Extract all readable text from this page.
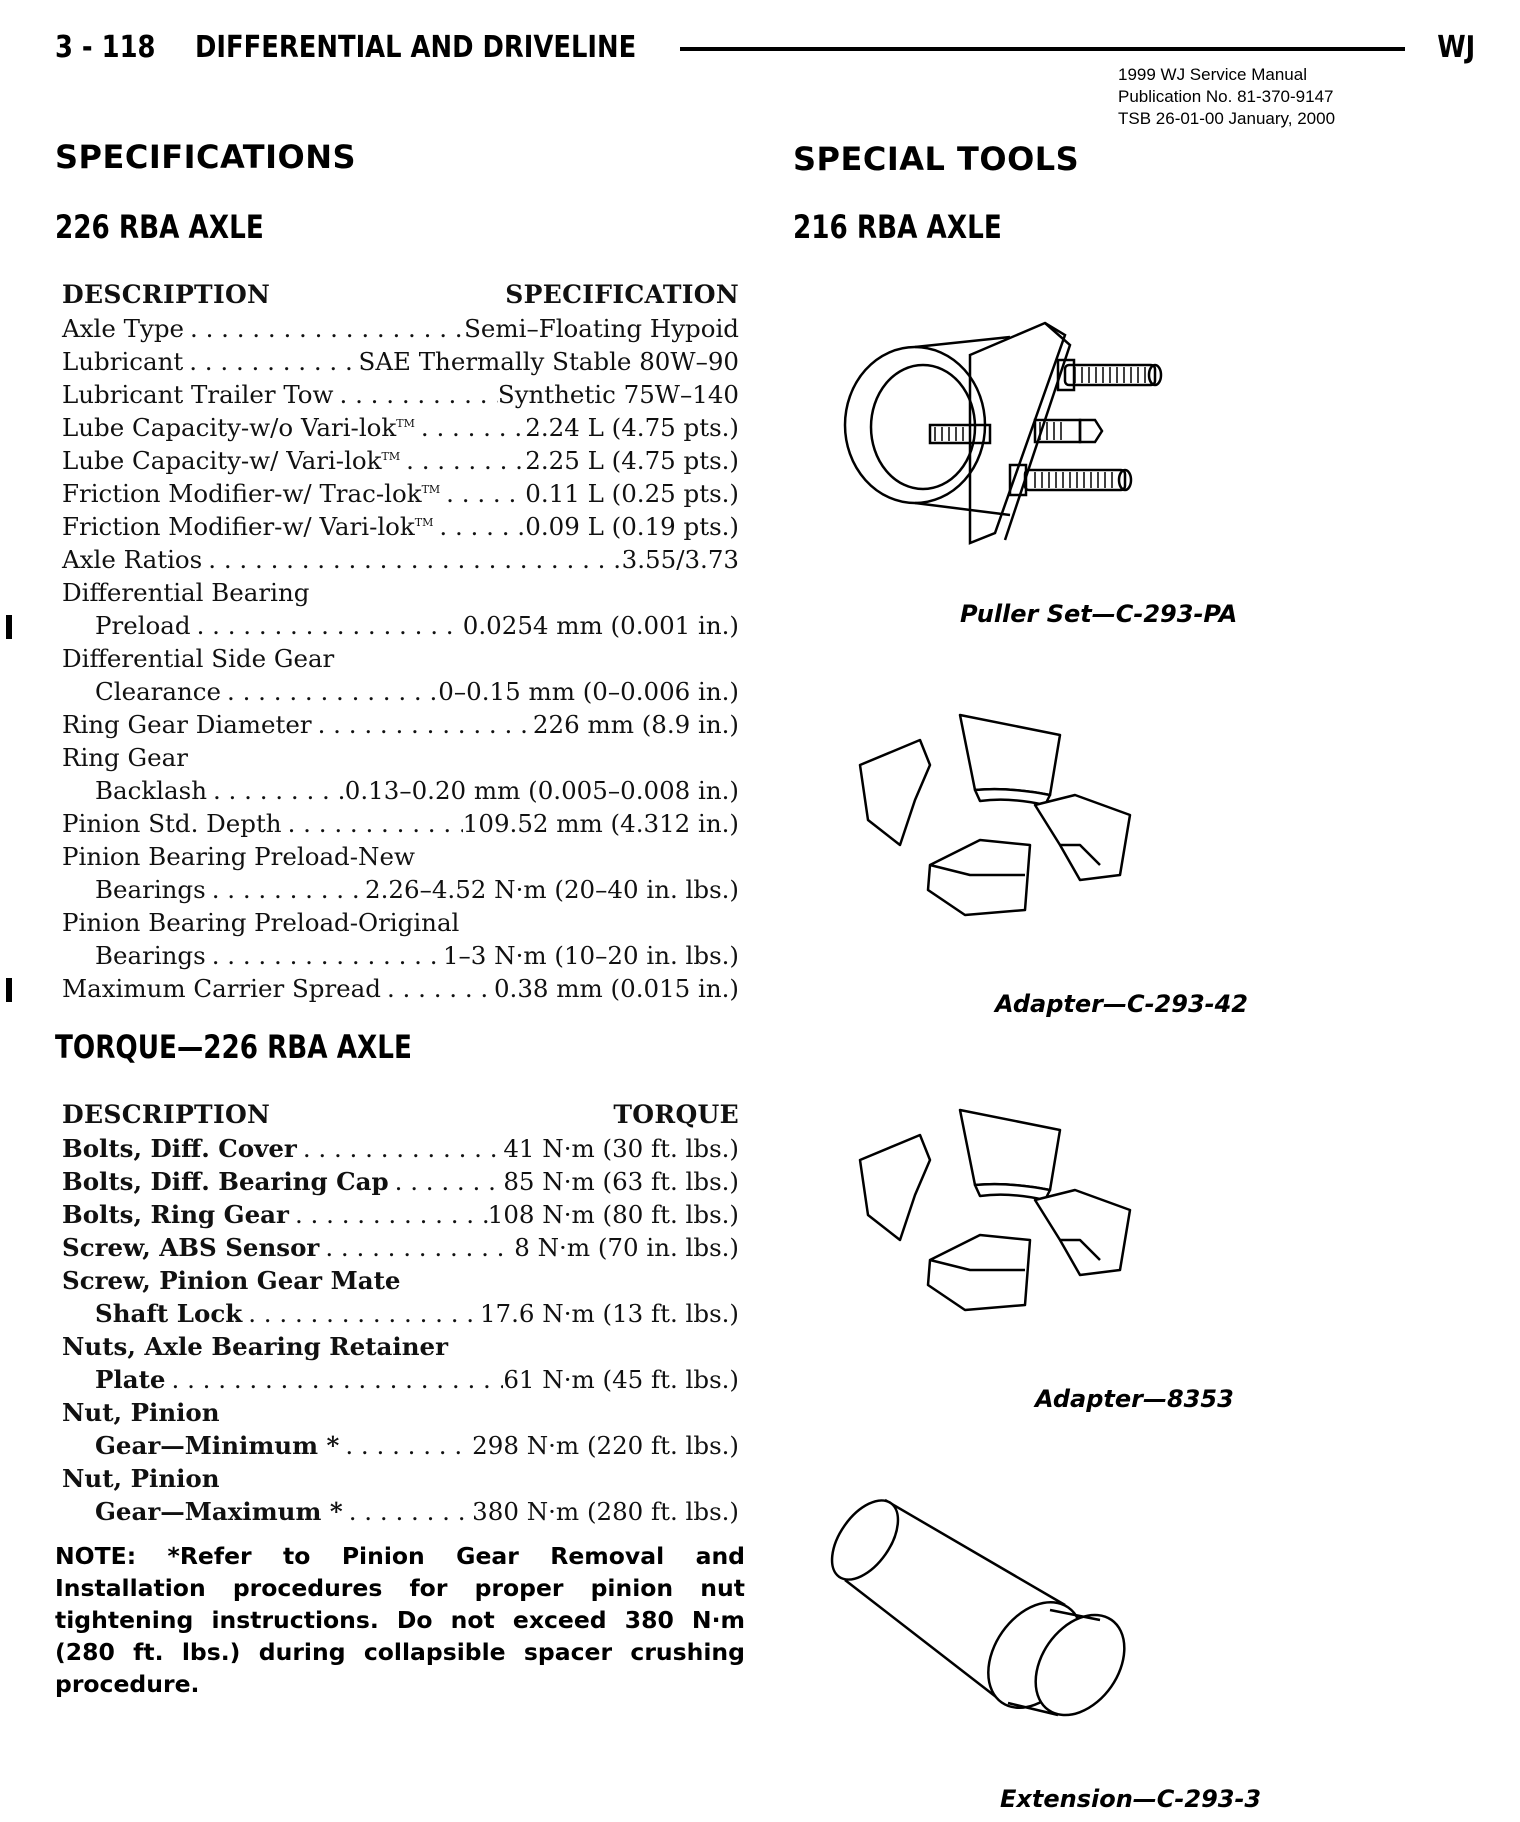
3 - 118 DIFFERENTIAL AND DRIVELINE	WJ
1999 WJ Service Manual
Publication No. 81-370-9147
TSB 26-01-00 January, 2000
SPECIFICATIONS
226 RBA AXLE
DESCRIPTION	SPECIFICATION
Axle Type . . .	Semi–Floating Hypoid
Lubricant . . .	SAE Thermally Stable 80W–90
Lubricant Trailer Tow . . .	Synthetic 75W–140
Lube Capacity-w/o Vari-lok™ . . .	2.24 L (4.75 pts.)
Lube Capacity-w/ Vari-lok™ . . .	2.25 L (4.75 pts.)
Friction Modifier-w/ Trac-lok™ . . .	0.11 L (0.25 pts.)
Friction Modifier-w/ Vari-lok™ . . .	0.09 L (0.19 pts.)
Axle Ratios . . .	3.55/3.73
Differential Bearing
Preload . . .	0.0254 mm (0.001 in.)
Differential Side Gear
Clearance . . .	0–0.15 mm (0–0.006 in.)
Ring Gear Diameter . . .	226 mm (8.9 in.)
Ring Gear
Backlash . . .	0.13–0.20 mm (0.005–0.008 in.)
Pinion Std. Depth . . .	109.52 mm (4.312 in.)
Pinion Bearing Preload-New
Bearings . . .	2.26–4.52 N·m (20–40 in. lbs.)
Pinion Bearing Preload-Original
Bearings . . .	1–3 N·m (10–20 in. lbs.)
Maximum Carrier Spread . . .	0.38 mm (0.015 in.)
TORQUE—226 RBA AXLE
DESCRIPTION	TORQUE
Bolts, Diff. Cover . . .	41 N·m (30 ft. lbs.)
Bolts, Diff. Bearing Cap . . .	85 N·m (63 ft. lbs.)
Bolts, Ring Gear . . .	108 N·m (80 ft. lbs.)
Screw, ABS Sensor . . .	8 N·m (70 in. lbs.)
Screw, Pinion Gear Mate
Shaft Lock . . .	17.6 N·m (13 ft. lbs.)
Nuts, Axle Bearing Retainer
Plate . . .	61 N·m (45 ft. lbs.)
Nut, Pinion
Gear—Minimum * . . .	298 N·m (220 ft. lbs.)
Nut, Pinion
Gear—Maximum * . . .	380 N·m (280 ft. lbs.)
NOTE: *Refer to Pinion Gear Removal and Installation procedures for proper pinion nut tightening instructions. Do not exceed 380 N·m (280 ft. lbs.) during collapsible spacer crushing procedure.
SPECIAL TOOLS
216 RBA AXLE
Puller Set—C-293-PA
Adapter—C-293-42
Adapter—8353
Extension—C-293-3
